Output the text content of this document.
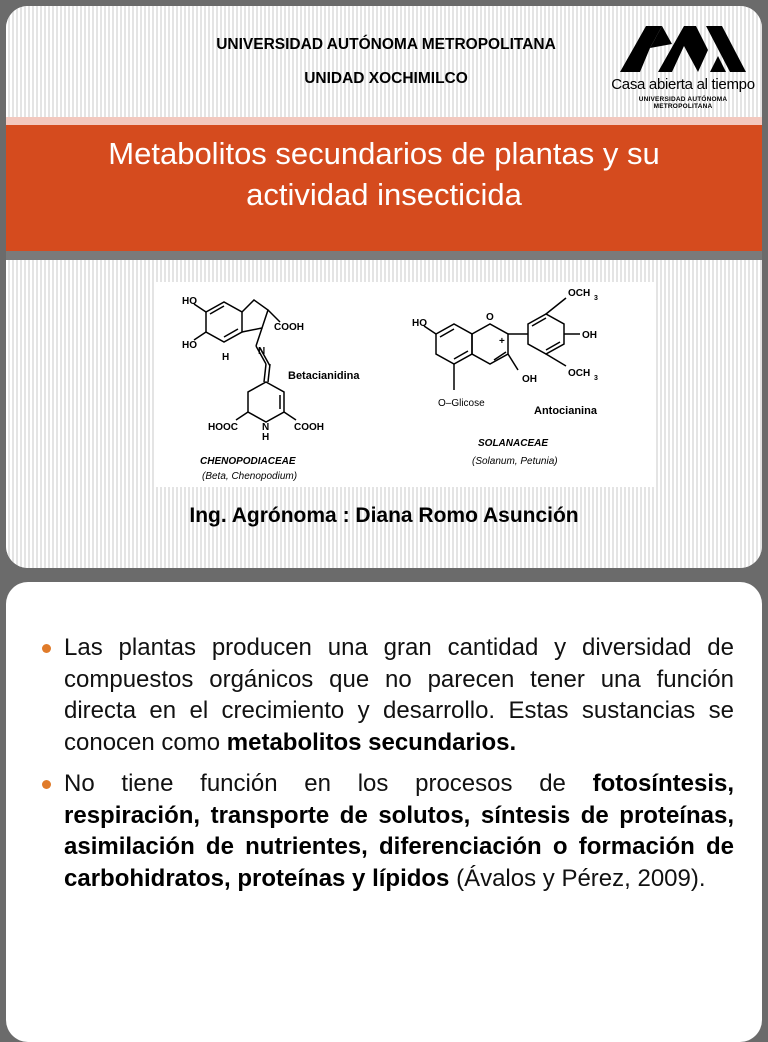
UNIVERSIDAD AUTÓNOMA METROPOLITANA
UNIDAD XOCHIMILCO	Casa abierta al tiempo
UNIVERSIDAD AUTÓNOMA METROPOLITANA
Metabolitos secundarios de plantas y su
actividad insecticida
HO
HO
H
COOH
N
Betacianidina
HOOC N
H
COOH
CHENOPODIACEAE
(Beta, Chenopodium)
HO
O
+
OCH 3
OH
OCH 3
OH
O–Glicose
Antocianina
SOLANACEAE
(Solanum, Petunia)
Ing. Agrónoma : Diana Romo Asunción
Las plantas producen una gran cantidad y diversidad de compuestos orgánicos que no parecen tener una función directa en el crecimiento y desarrollo. Estas sustancias se conocen como metabolitos secundarios.
No tiene función en los procesos de fotosíntesis, respiración, transporte de solutos, síntesis de proteínas, asimilación de nutrientes, diferenciación o formación de carbohidratos, proteínas y lípidos (Ávalos y Pérez, 2009).
